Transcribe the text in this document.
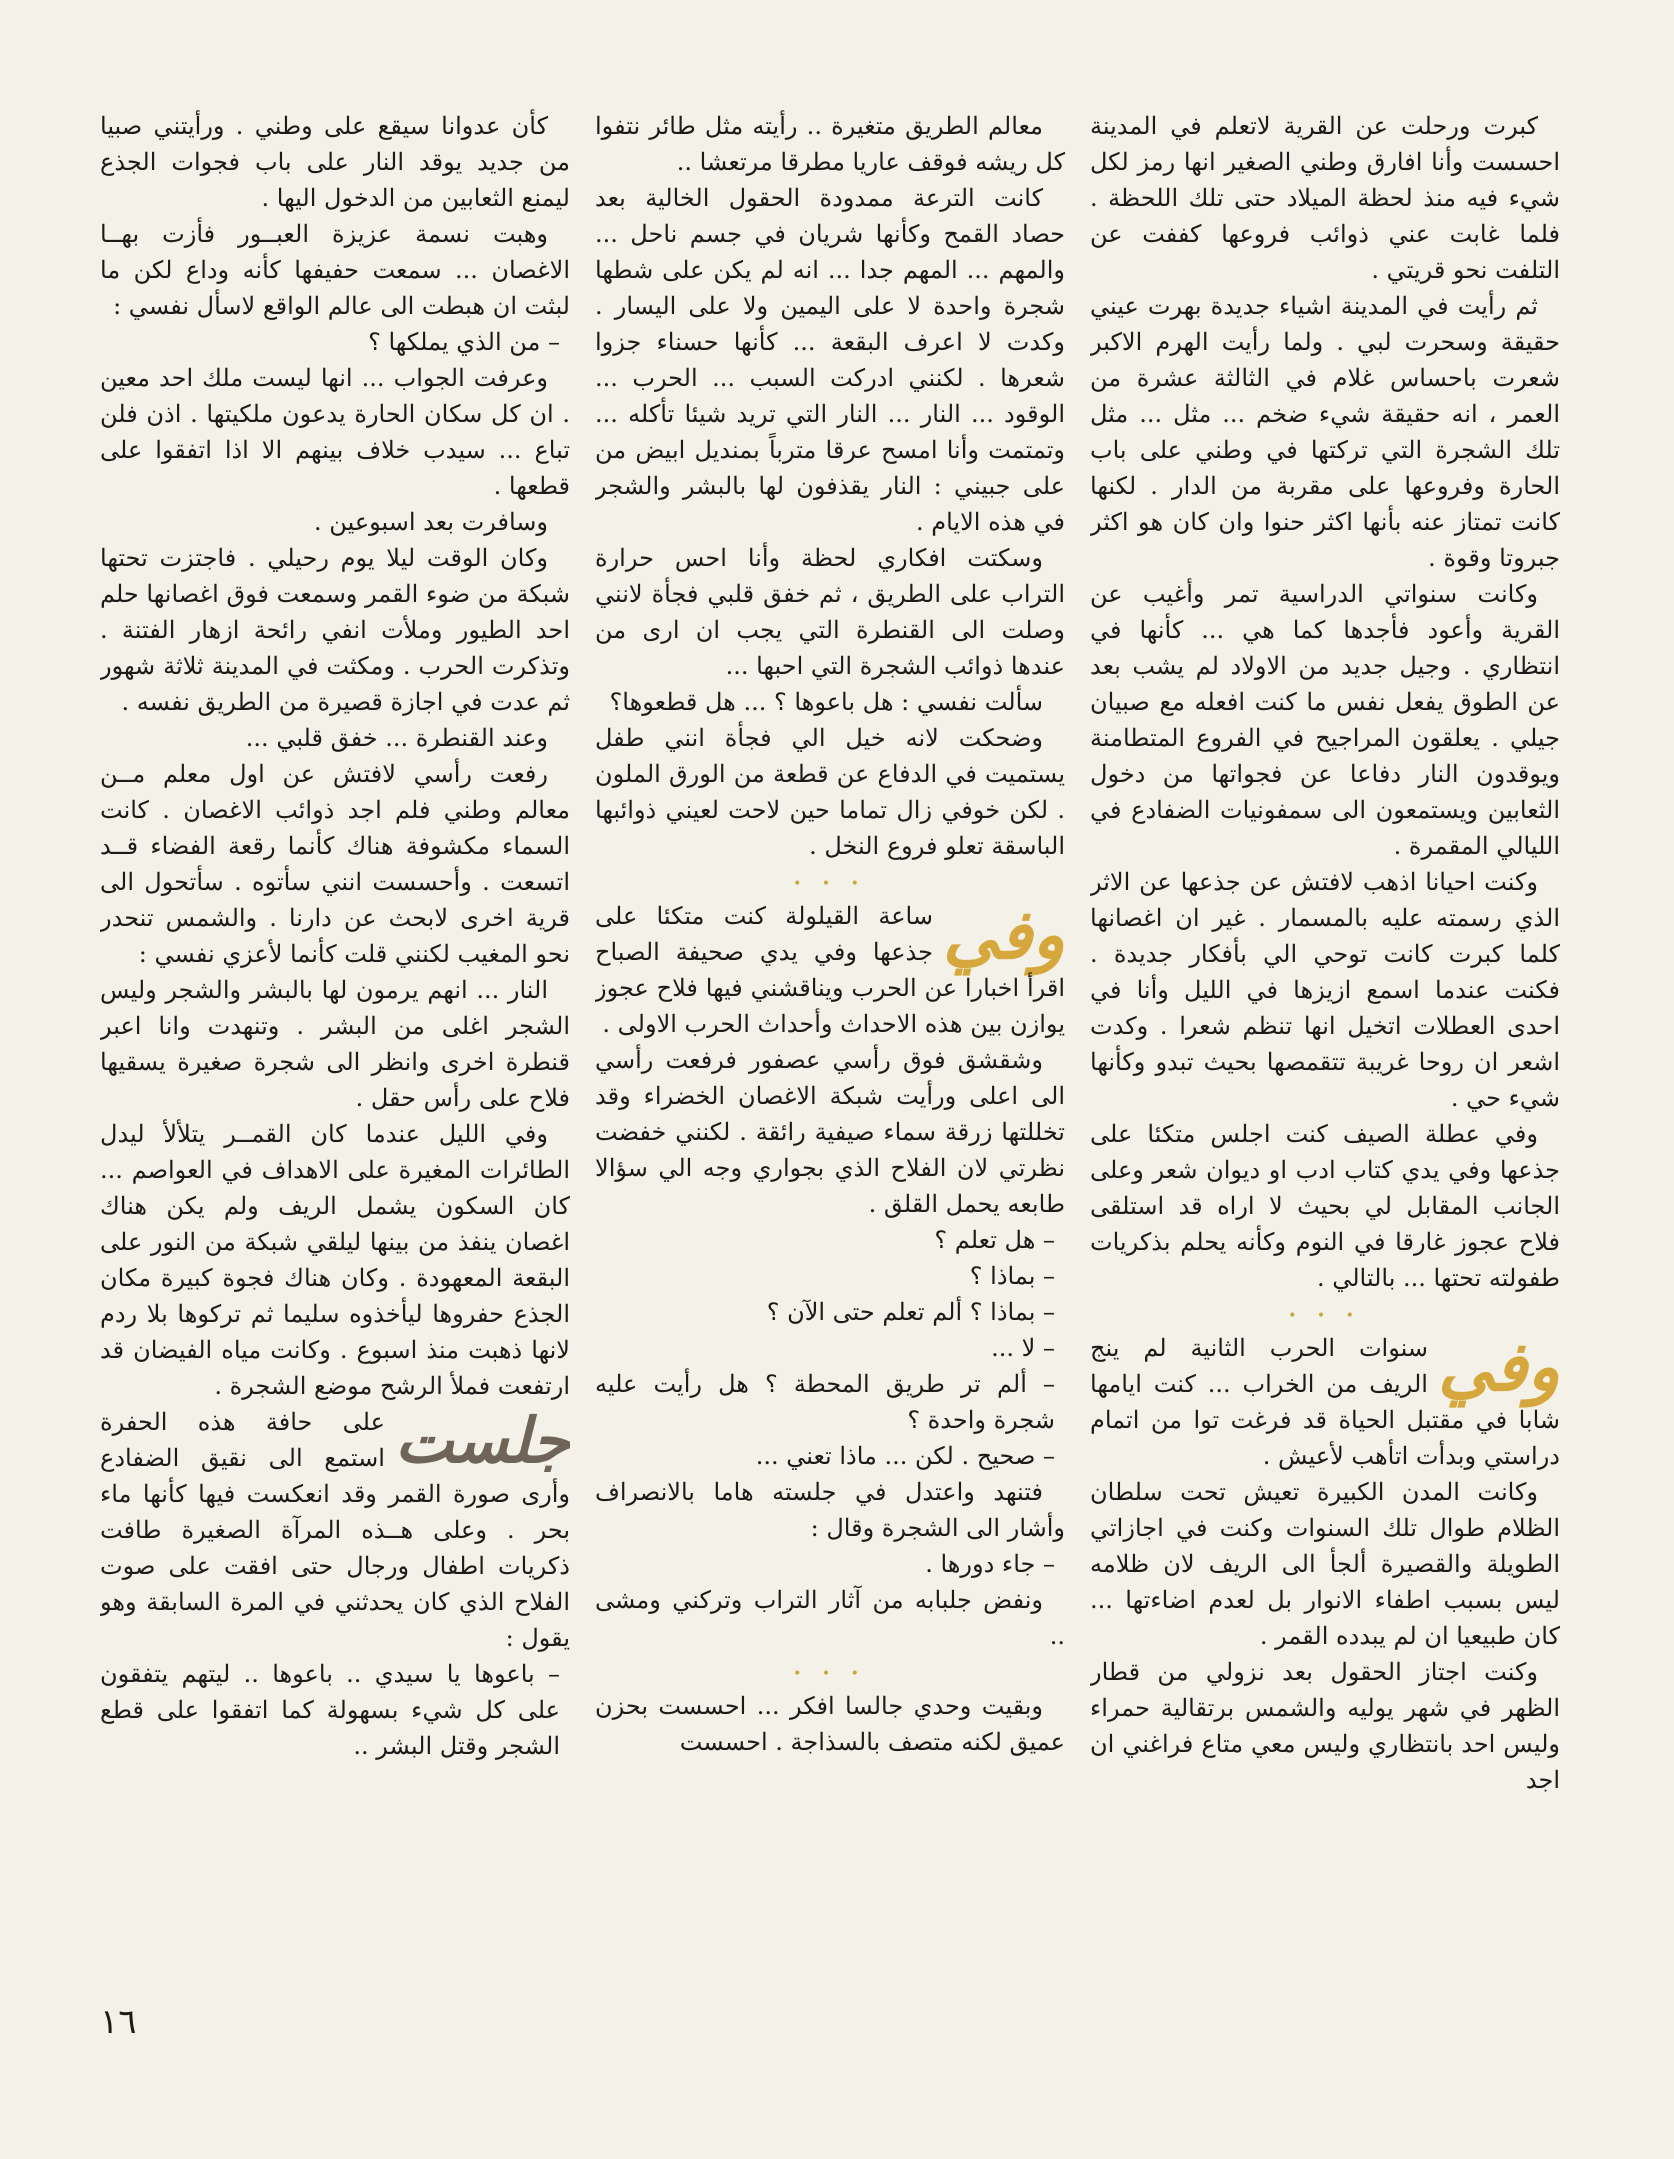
كبرت ورحلت عن القرية لاتعلم في المدينة احسست وأنا افارق وطني الصغير انها رمز لكل شيء فيه منذ لحظة الميلاد حتى تلك اللحظة . فلما غابت عني ذوائب فروعها كففت عن التلفت نحو قريتي .

ثم رأيت في المدينة اشياء جديدة بهرت عيني حقيقة وسحرت لبي . ولما رأيت الهرم الاكبر شعرت باحساس غلام في الثالثة عشرة من العمر ، انه حقيقة شيء ضخم ... مثل ... مثل تلك الشجرة التي تركتها في وطني على باب الحارة وفروعها على مقربة من الدار . لكنها كانت تمتاز عنه بأنها اكثر حنوا وان كان هو اكثر جبروتا وقوة .

وكانت سنواتي الدراسية تمر وأغيب عن القرية وأعود فأجدها كما هي ... كأنها في انتظاري . وجيل جديد من الاولاد لم يشب بعد عن الطوق يفعل نفس ما كنت افعله مع صبيان جيلي . يعلقون المراجيح في الفروع المتطامنة ويوقدون النار دفاعا عن فجواتها من دخول الثعابين ويستمعون الى سمفونيات الضفادع في الليالي المقمرة .

وكنت احيانا اذهب لافتش عن جذعها عن الاثر الذي رسمته عليه بالمسمار . غير ان اغصانها كلما كبرت كانت توحي الي بأفكار جديدة . فكنت عندما اسمع ازيزها في الليل وأنا في احدى العطلات اتخيل انها تنظم شعرا . وكدت اشعر ان روحا غريبة تتقمصها بحيث تبدو وكأنها شيء حي .

وفي عطلة الصيف كنت اجلس متكئا على جذعها وفي يدي كتاب ادب او ديوان شعر وعلى الجانب المقابل لي بحيث لا اراه قد استلقى فلاح عجوز غارقا في النوم وكأنه يحلم بذكريات طفولته تحتها ... بالتالي .

• • •

وفي
سنوات الحرب الثانية لم ينج الريف من الخراب ... كنت ايامها شابا في مقتبل الحياة قد فرغت توا من اتمام دراستي وبدأت اتأهب لأعيش .

وكانت المدن الكبيرة تعيش تحت سلطان الظلام طوال تلك السنوات وكنت في اجازاتي الطويلة والقصيرة ألجأ الى الريف لان ظلامه ليس بسبب اطفاء الانوار بل لعدم اضاءتها ... كان طبيعيا ان لم يبدده القمر .

وكنت اجتاز الحقول بعد نزولي من قطار الظهر في شهر يوليه والشمس برتقالية حمراء وليس احد بانتظاري وليس معي متاع فراغني ان اجد

معالم الطريق متغيرة .. رأيته مثل طائر نتفوا كل ريشه فوقف عاريا مطرقا مرتعشا ..

كانت الترعة ممدودة الحقول الخالية بعد حصاد القمح وكأنها شريان في جسم ناحل ... والمهم ... المهم جدا ... انه لم يكن على شطها شجرة واحدة لا على اليمين ولا على اليسار . وكدت لا اعرف البقعة ... كأنها حسناء جزوا شعرها . لكنني ادركت السبب ... الحرب ... الوقود ... النار ... النار التي تريد شيئا تأكله ... وتمتمت وأنا امسح عرقا مترباً بمنديل ابيض من على جبيني : النار يقذفون لها بالبشر والشجر في هذه الايام .

وسكتت افكاري لحظة وأنا احس حرارة التراب على الطريق ، ثم خفق قلبي فجأة لانني وصلت الى القنطرة التي يجب ان ارى من عندها ذوائب الشجرة التي احبها ...

سألت نفسي : هل باعوها ؟ ... هل قطعوها؟

وضحكت لانه خيل الي فجأة انني طفل يستميت في الدفاع عن قطعة من الورق الملون . لكن خوفي زال تماما حين لاحت لعيني ذوائبها الباسقة تعلو فروع النخل .

• • •

وفي
ساعة القيلولة كنت متكئا على جذعها وفي يدي صحيفة الصباح اقرأ اخبارا عن الحرب ويناقشني فيها فلاح عجوز يوازن بين هذه الاحداث وأحداث الحرب الاولى .

وشقشق فوق رأسي عصفور فرفعت رأسي الى اعلى ورأيت شبكة الاغصان الخضراء وقد تخللتها زرقة سماء صيفية رائقة . لكنني خفضت نظرتي لان الفلاح الذي بجواري وجه الي سؤالا طابعه يحمل القلق .

– هل تعلم ؟

– بماذا ؟

– بماذا ؟ ألم تعلم حتى الآن ؟

– لا ...

– ألم تر طريق المحطة ؟ هل رأيت عليه شجرة واحدة ؟

– صحيح . لكن ... ماذا تعني ...

فتنهد واعتدل في جلسته هاما بالانصراف وأشار الى الشجرة وقال :

– جاء دورها .

ونفض جلبابه من آثار التراب وتركني ومشى ..

• • •

وبقيت وحدي جالسا افكر ... احسست بحزن عميق لكنه متصف بالسذاجة . احسست

كأن عدوانا سيقع على وطني . ورأيتني صبيا من جديد يوقد النار على باب فجوات الجذع ليمنع الثعابين من الدخول اليها .

وهبت نسمة عزيزة العبــور فأزت بهــا الاغصان ... سمعت حفيفها كأنه وداع لكن ما لبثت ان هبطت الى عالم الواقع لاسأل نفسي :

– من الذي يملكها ؟

وعرفت الجواب ... انها ليست ملك احد معين . ان كل سكان الحارة يدعون ملكيتها . اذن فلن تباع ... سيدب خلاف بينهم الا اذا اتفقوا على قطعها .

وسافرت بعد اسبوعين .

وكان الوقت ليلا يوم رحيلي . فاجتزت تحتها شبكة من ضوء القمر وسمعت فوق اغصانها حلم احد الطيور وملأت انفي رائحة ازهار الفتنة . وتذكرت الحرب . ومكثت في المدينة ثلاثة شهور ثم عدت في اجازة قصيرة من الطريق نفسه .

وعند القنطرة ... خفق قلبي ...

رفعت رأسي لافتش عن اول معلم مــن معالم وطني فلم اجد ذوائب الاغصان . كانت السماء مكشوفة هناك كأنما رقعة الفضاء قــد اتسعت . وأحسست انني سأتوه . سأتحول الى قرية اخرى لابحث عن دارنا . والشمس تنحدر نحو المغيب لكنني قلت كأنما لأعزي نفسي :

النار ... انهم يرمون لها بالبشر والشجر وليس الشجر اغلى من البشر . وتنهدت وانا اعبر قنطرة اخرى وانظر الى شجرة صغيرة يسقيها فلاح على رأس حقل .

وفي الليل عندما كان القمــر يتلألأ ليدل الطائرات المغيرة على الاهداف في العواصم ... كان السكون يشمل الريف ولم يكن هناك اغصان ينفذ من بينها ليلقي شبكة من النور على البقعة المعهودة . وكان هناك فجوة كبيرة مكان الجذع حفروها ليأخذوه سليما ثم تركوها بلا ردم لانها ذهبت منذ اسبوع . وكانت مياه الفيضان قد ارتفعت فملأ الرشح موضع الشجرة .

جلست
على حافة هذه الحفرة استمع الى نقيق الضفادع وأرى صورة القمر وقد انعكست فيها كأنها ماء بحر . وعلى هــذه المرآة الصغيرة طافت ذكريات اطفال ورجال حتى افقت على صوت الفلاح الذي كان يحدثني في المرة السابقة وهو يقول :

– باعوها يا سيدي .. باعوها .. ليتهم يتفقون على كل شيء بسهولة كما اتفقوا على قطع الشجر وقتل البشر ..

١٦
